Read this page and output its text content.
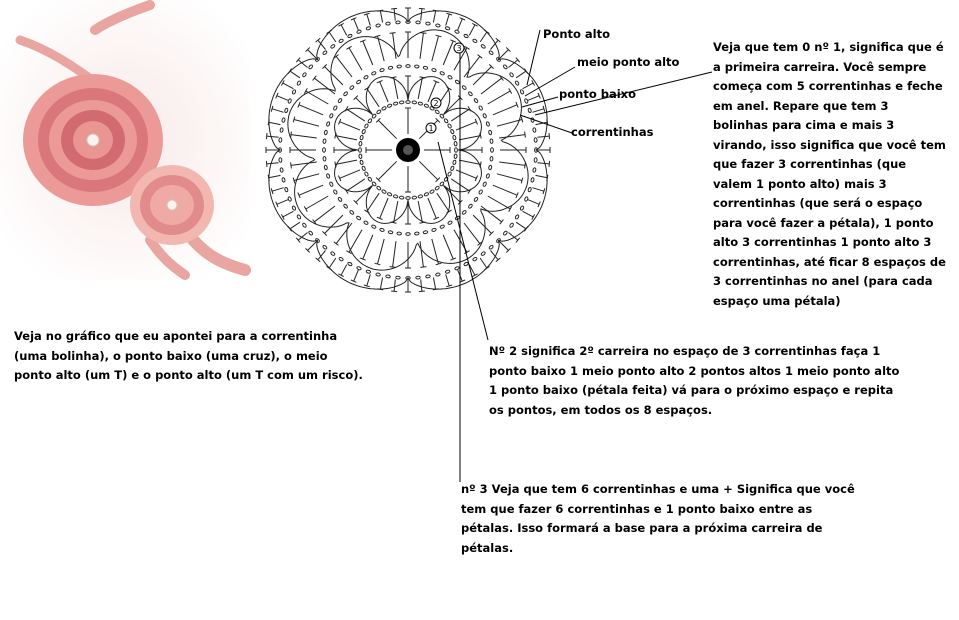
1
2
3
Ponto alto
meio ponto alto
ponto baixo
correntinhas

Veja que tem 0 nº 1, significa que é a primeira carreira. Você sempre começa com 5 correntinhas e feche em anel. Repare que tem 3 bolinhas para cima e mais 3 virando, isso significa que você tem que fazer 3 correntinhas (que valem 1 ponto alto) mais 3 correntinhas (que será o espaço para você fazer a pétala), 1 ponto alto 3 correntinhas 1 ponto alto 3 correntinhas, até ficar 8 espaços de 3 correntinhas no anel (para cada espaço uma pétala)

Veja no gráfico que eu apontei para a correntinha (uma bolinha), o ponto baixo (uma cruz), o meio ponto alto (um T) e o ponto alto (um T com um risco).

Nº 2 significa 2º carreira no espaço de 3 correntinhas faça 1 ponto baixo 1 meio ponto alto 2 pontos altos 1 meio ponto alto 1 ponto baixo (pétala feita) vá para o próximo espaço e repita os pontos, em todos os 8 espaços.

nº 3 Veja que tem 6 correntinhas e uma + Significa que você tem que fazer 6 correntinhas e 1 ponto baixo entre as pétalas. Isso formará a base para a próxima carreira de pétalas.
